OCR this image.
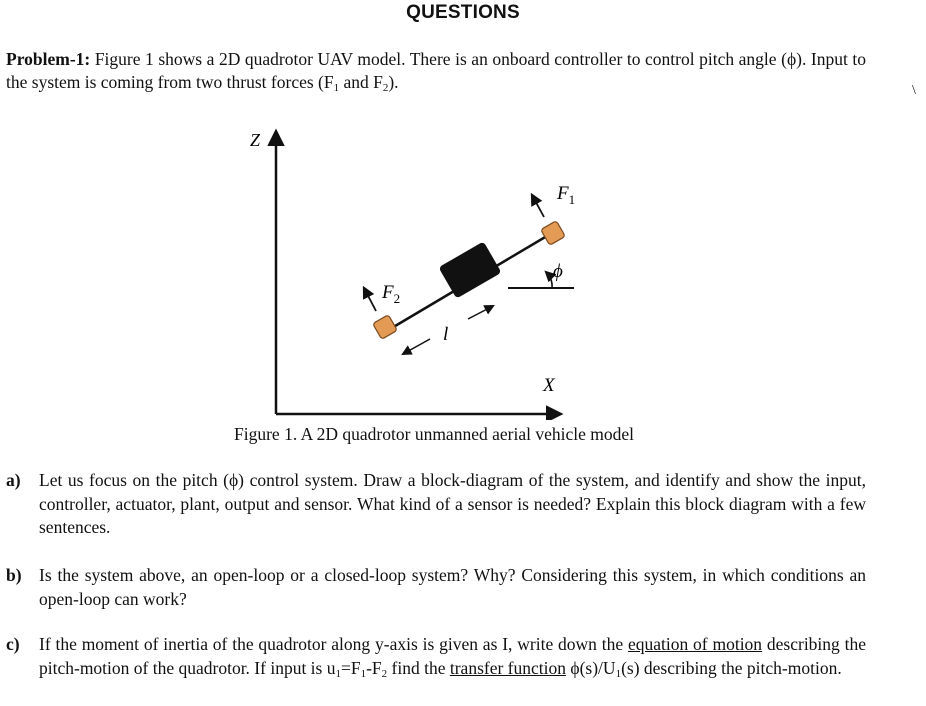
QUESTIONS
Problem-1: Figure 1 shows a 2D quadrotor UAV model. There is an onboard controller to control pitch angle (ϕ). Input to the system is coming from two thrust forces ($F_1$ and $F_2$).	\
Z
X
ϕ
$F_1$
$F_2$
l
Figure 1. A 2D quadrotor unmanned aerial vehicle model
a) Let us focus on the pitch (ϕ) control system. Draw a block-diagram of the system, and identify and show the input, controller, actuator, plant, output and sensor. What kind of a sensor is needed? Explain this block diagram with a few sentences.
b) Is the system above, an open-loop or a closed-loop system? Why? Considering this system, in which conditions an open-loop can work?
c) If the moment of inertia of the quadrotor along y-axis is given as I, write down the equation of motion describing the pitch-motion of the quadrotor. If input is $u_1=F_1-F_2$ find the transfer function $\phi(s)/U_1(s)$ describing the pitch-motion.
